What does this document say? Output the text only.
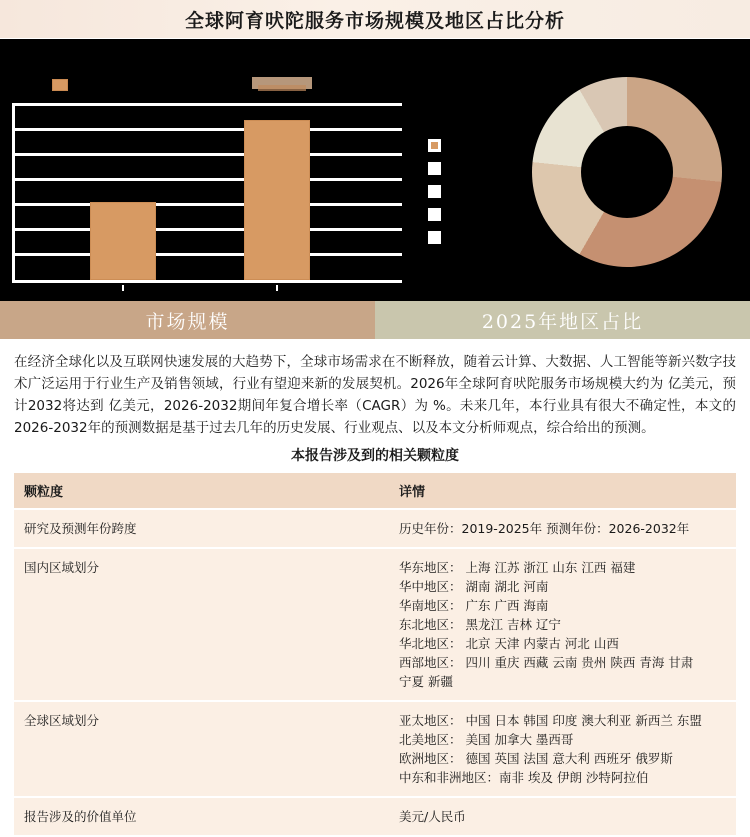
全球阿育吠陀服务市场规模及地区占比分析
市场规模	2025年地区占比
在经济全球化以及互联网快速发展的大趋势下，全球市场需求在不断释放，随着云计算、大数据、人工智能等新兴数字技术广泛运用于行业生产及销售领域，行业有望迎来新的发展契机。2026年全球阿育吠陀服务市场规模大约为 亿美元，预计2032将达到 亿美元，2026-2032期间年复合增长率（CAGR）为 %。未来几年，本行业具有很大不确定性，本文的2026-2032年的预测数据是基于过去几年的历史发展、行业观点、以及本文分析师观点，综合给出的预测。
本报告涉及到的相关颗粒度
颗粒度	详情
研究及预测年份跨度	历史年份：2019-2025年 预测年份：2026-2032年

国内区域划分	华东地区： 上海 江苏 浙江 山东 江西 福建
华中地区： 湖南 湖北 河南
华南地区： 广东 广西 海南
东北地区： 黑龙江 吉林 辽宁
华北地区： 北京 天津 内蒙古 河北 山西
西部地区： 四川 重庆 西藏 云南 贵州 陕西 青海 甘肃
宁夏 新疆

全球区域划分	亚太地区： 中国 日本 韩国 印度 澳大利亚 新西兰 东盟
北美地区： 美国 加拿大 墨西哥
欧洲地区： 德国 英国 法国 意大利 西班牙 俄罗斯
中东和非洲地区：南非 埃及 伊朗 沙特阿拉伯

报告涉及的价值单位	美元/人民币
